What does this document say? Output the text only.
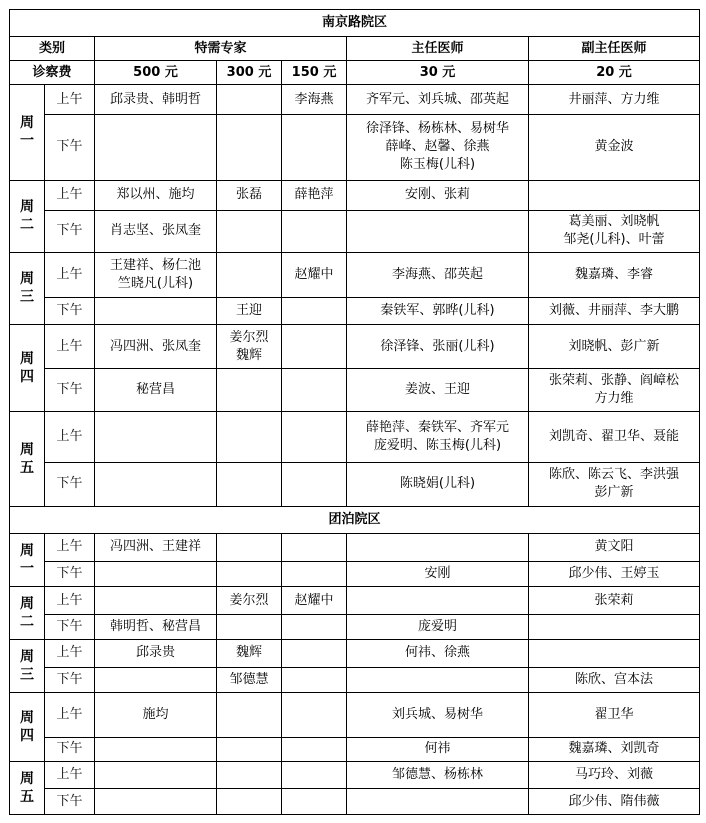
南京路院区						
类别		特需专家			主任医师	副主任医师
诊察费		500 元	300 元	150 元	30 元	20 元

周
一	上午	邱录贵、韩明哲		李海燕	齐军元、刘兵城、邵英起	井丽萍、方力维

	下午				徐泽锋、杨栋林、易树华
薛峰、赵馨、徐燕
陈玉梅(儿科)	黄金波

周
二	上午	郑以州、施均	张磊	薛艳萍	安刚、张莉	

	下午	肖志坚、张凤奎				葛美丽、刘晓帆
邹尧(儿科)、叶蕾

周
三	上午	王建祥、杨仁池
竺晓凡(儿科)		赵耀中	李海燕、邵英起	魏嘉璘、李睿

	下午		王迎		秦铁军、郭晔(儿科)	刘薇、井丽萍、李大鹏

周
四	上午	冯四洲、张凤奎	姜尔烈
魏辉		徐泽锋、张丽(儿科)	刘晓帆、彭广新

	下午	秘营昌			姜波、王迎	张荣莉、张静、阎嶂松
方力维

周
五	上午				薛艳萍、秦铁军、齐军元
庞爱明、陈玉梅(儿科)	刘凯奇、翟卫华、聂能

	下午				陈晓娟(儿科)	陈欣、陈云飞、李洪强
彭广新

团泊院区						

周
一	上午	冯四洲、王建祥				黄文阳

	下午				安刚	邱少伟、王婷玉

周
二	上午		姜尔烈	赵耀中		张荣莉

	下午	韩明哲、秘营昌			庞爱明	

周
三	上午	邱录贵	魏辉		何祎、徐燕	

	下午		邹德慧			陈欣、宫本法

周
四	上午	施均			刘兵城、易树华	翟卫华

	下午				何祎	魏嘉璘、刘凯奇

周
五	上午				邹德慧、杨栋林	马巧玲、刘薇

	下午					邱少伟、隋伟薇
